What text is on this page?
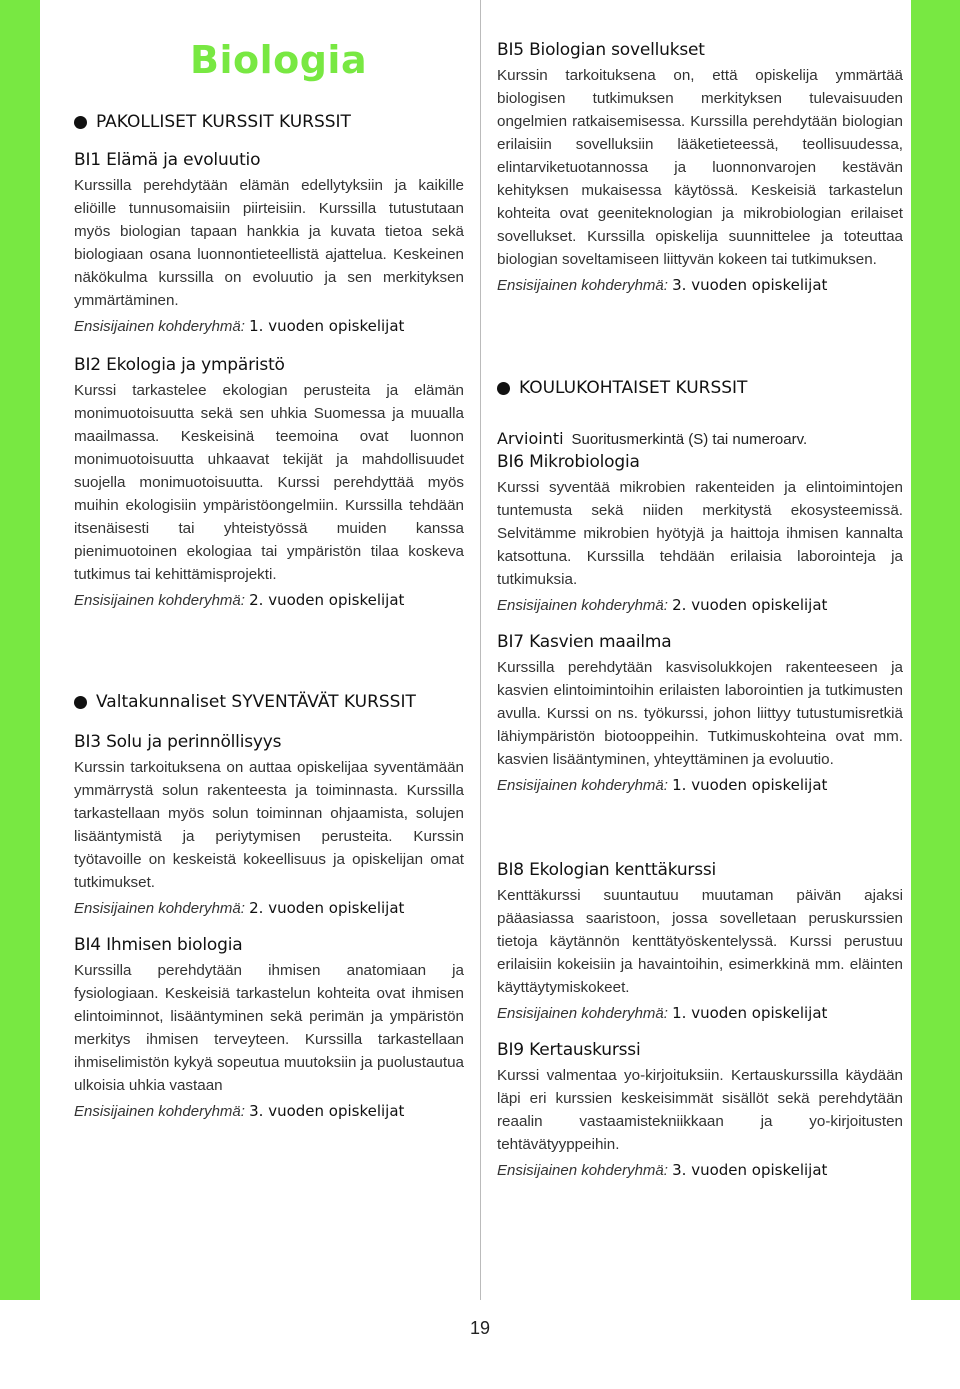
Biologia

PAKOLLISET KURSSIT KURSSIT

BI1 Elämä ja evoluutio

Kurssilla perehdytään elämän edellytyksiin ja kaikille eliöille tunnusomaisiin piirteisiin. Kurssilla tutustutaan myös biologian tapaan hankkia ja kuvata tietoa sekä biologiaan osana luonnontieteellistä ajattelua. Keskeinen näkökulma kurssilla on evoluutio ja sen merkityksen ymmärtäminen.

Ensisijainen kohderyhmä: 1. vuoden opiskelijat

BI2 Ekologia ja ympäristö

Kurssi tarkastelee ekologian perusteita ja elämän monimuotoisuutta sekä sen uhkia Suomessa ja muualla maailmassa. Keskeisinä teemoina ovat luonnon monimuotoisuutta uhkaavat tekijät ja mahdollisuudet suojella monimuotoisuutta. Kurssi perehdyttää myös muihin ekologisiin ympäristöongelmiin. Kurssilla tehdään itsenäisesti tai yhteistyössä muiden kanssa pienimuotoinen ekologiaa tai ympäristön tilaa koskeva tutkimus tai kehittämisprojekti.

Ensisijainen kohderyhmä: 2. vuoden opiskelijat

Valtakunnaliset SYVENTÄVÄT KURSSIT

BI3 Solu ja perinnöllisyys

Kurssin tarkoituksena on auttaa opiskelijaa syventämään ymmärrystä solun rakenteesta ja toiminnasta. Kurssilla tarkastellaan myös solun toiminnan ohjaamista, solujen lisääntymistä ja periytymisen perusteita. Kurssin työtavoille on keskeistä kokeellisuus ja opiskelijan omat tutkimukset.

Ensisijainen kohderyhmä: 2. vuoden opiskelijat

BI4 Ihmisen biologia

Kurssilla perehdytään ihmisen anatomiaan ja fysiologiaan. Keskeisiä tarkastelun kohteita ovat ihmisen elintoiminnot, lisääntyminen sekä perimän ja ympäristön merkitys ihmisen terveyteen. Kurssilla tarkastellaan ihmiselimistön kykyä sopeutua muutoksiin ja puolustautua ulkoisia uhkia vastaan

Ensisijainen kohderyhmä: 3. vuoden opiskelijat

BI5 Biologian sovellukset

Kurssin tarkoituksena on, että opiskelija ymmärtää biologisen tutkimuksen merkityksen tulevaisuuden ongelmien ratkaisemisessa. Kurssilla perehdytään biologian erilaisiin sovelluksiin lääketieteessä, teollisuudessa, elintarviketuotannossa ja luonnonvarojen kestävän kehityksen mukaisessa käytössä. Keskeisiä tarkastelun kohteita ovat geeniteknologian ja mikrobiologian erilaiset sovellukset. Kurssilla opiskelija suunnittelee ja toteuttaa biologian soveltamiseen liittyvän kokeen tai tutkimuksen.

Ensisijainen kohderyhmä: 3. vuoden opiskelijat

KOULUKOHTAISET KURSSIT

Arviointi Suoritusmerkintä (S) tai numeroarv.

BI6 Mikrobiologia

Kurssi syventää mikrobien rakenteiden ja elintoimintojen tuntemusta sekä niiden merkitystä ekosysteemissä. Selvitämme mikrobien hyötyjä ja haittoja ihmisen kannalta katsottuna. Kurssilla tehdään erilaisia laborointeja ja tutkimuksia.

Ensisijainen kohderyhmä: 2. vuoden opiskelijat

BI7 Kasvien maailma

Kurssilla perehdytään kasvisolukkojen rakenteeseen ja kasvien elintoimintoihin erilaisten laborointien ja tutkimusten avulla. Kurssi on ns. työkurssi, johon liittyy tutustumisretkiä lähiympäristön biotooppeihin. Tutkimuskohteina ovat mm. kasvien lisääntyminen, yhteyttäminen ja evoluutio.

Ensisijainen kohderyhmä: 1. vuoden opiskelijat

BI8 Ekologian kenttäkurssi

Kenttäkurssi suuntautuu muutaman päivän ajaksi pääasiassa saaristoon, jossa sovelletaan peruskurssien tietoja käytännön kenttätyöskentelyssä. Kurssi perustuu erilaisiin kokeisiin ja havaintoihin, esimerkkinä mm. eläinten käyttäytymiskokeet.

Ensisijainen kohderyhmä: 1. vuoden opiskelijat

BI9 Kertauskurssi

Kurssi valmentaa yo-kirjoituksiin. Kertauskurssilla käydään läpi eri kurssien keskeisimmät sisällöt sekä perehdytään reaalin vastaamistekniikkaan ja yo-kirjoitusten tehtävätyyppeihin.

Ensisijainen kohderyhmä: 3. vuoden opiskelijat

19
